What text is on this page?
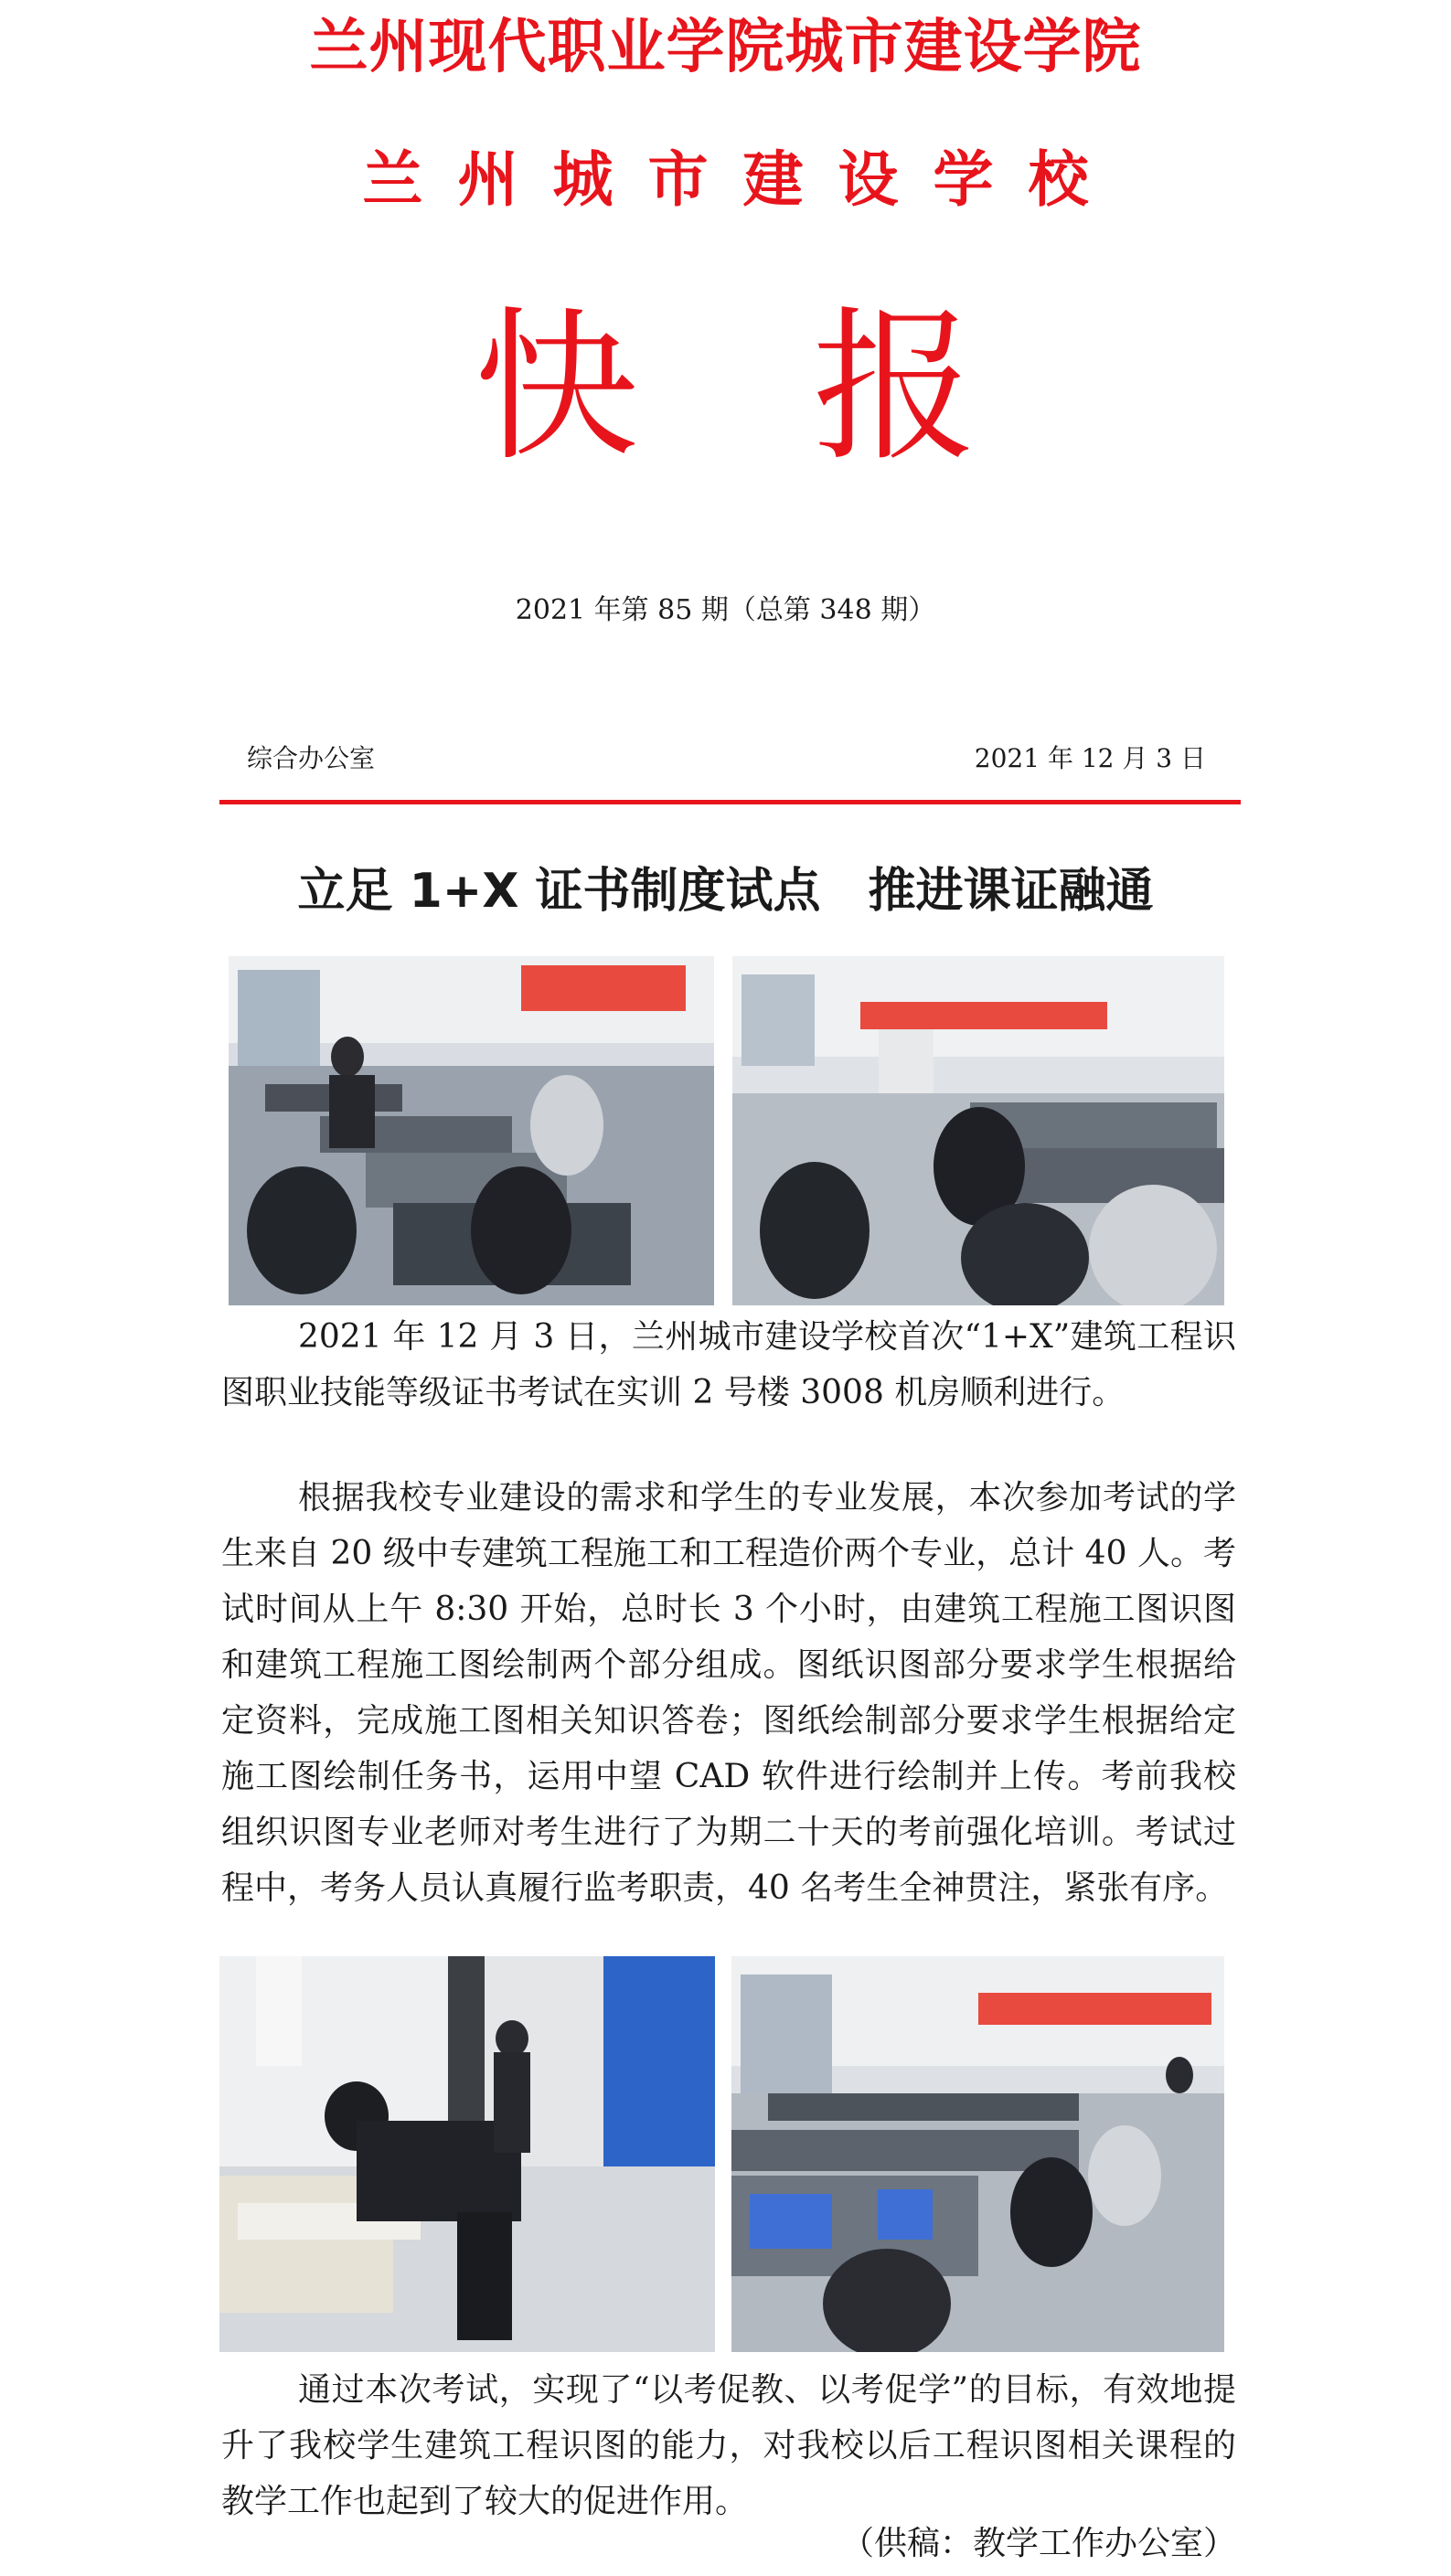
兰州现代职业学院城市建设学院
兰州城市建设学校
快报
2021 年第 85 期（总第 348 期）
综合办公室	2021 年 12 月 3 日
立足 1+X 证书制度试点　推进课证融通

2021 年 12 月 3 日，兰州城市建设学校首次“1+X”建筑工程识图职业技能等级证书考试在实训 2 号楼 3008 机房顺利进行。

根据我校专业建设的需求和学生的专业发展，本次参加考试的学生来自 20 级中专建筑工程施工和工程造价两个专业，总计 40 人。考试时间从上午 8:30 开始，总时长 3 个小时，由建筑工程施工图识图和建筑工程施工图绘制两个部分组成。图纸识图部分要求学生根据给定资料，完成施工图相关知识答卷；图纸绘制部分要求学生根据给定施工图绘制任务书，运用中望 CAD 软件进行绘制并上传。考前我校组织识图专业老师对考生进行了为期二十天的考前强化培训。考试过程中，考务人员认真履行监考职责，40 名考生全神贯注，紧张有序。

通过本次考试，实现了“以考促教、以考促学”的目标，有效地提升了我校学生建筑工程识图的能力，对我校以后工程识图相关课程的教学工作也起到了较大的促进作用。

（供稿：教学工作办公室）
